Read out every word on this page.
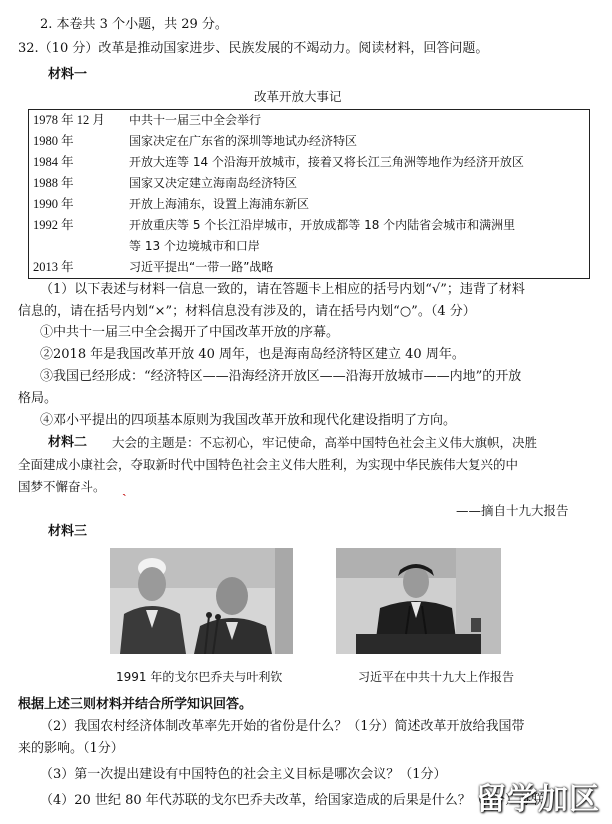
2. 本卷共 3 个小题，共 29 分。
32.（10 分）改革是推动国家进步、民族发展的不竭动力。阅读材料，回答问题。
材料一
改革开放大事记
1978 年 12 月	中共十一届三中全会举行
1980 年	国家决定在广东省的深圳等地试办经济特区
1984 年	开放大连等 14 个沿海开放城市，接着又将长江三角洲等地作为经济开放区
1988 年	国家又决定建立海南岛经济特区
1990 年	开放上海浦东，设置上海浦东新区
1992 年	开放重庆等 5 个长江沿岸城市，开放成都等 18 个内陆省会城市和满洲里
	等 13 个边境城市和口岸
2013 年	习近平提出“一带一路”战略
（1）以下表述与材料一信息一致的，请在答题卡上相应的括号内划“√”；违背了材料
信息的，请在括号内划“×”；材料信息没有涉及的，请在括号内划“○”。（4 分）
①中共十一届三中全会揭开了中国改革开放的序幕。
②2018 年是我国改革开放 40 周年，也是海南岛经济特区建立 40 周年。
③我国已经形成：“经济特区——沿海经济开放区——沿海开放城市——内地”的开放
格局。
④邓小平提出的四项基本原则为我国改革开放和现代化建设指明了方向。
材料二 大会的主题是：不忘初心，牢记使命，高举中国特色社会主义伟大旗帜，决胜
全面建成小康社会，夺取新时代中国特色社会主义伟大胜利，为实现中华民族伟大复兴的中
国梦不懈奋斗。 ˎ
——摘自十九大报告
材料三
1991 年的戈尔巴乔夫与叶利钦	习近平在中共十九大上作报告
根据上述三则材料并结合所学知识回答。
（2）我国农村经济体制改革率先开始的省份是什么？（1分）简述改革开放给我国带
来的影响。（1分）
（3）第一次提出建设有中国特色的社会主义目标是哪次会议？（1分）
（4）20 世纪 80 年代苏联的戈尔巴乔夫改革，给国家造成的后果是什么？（1分）苏联
留学加区
